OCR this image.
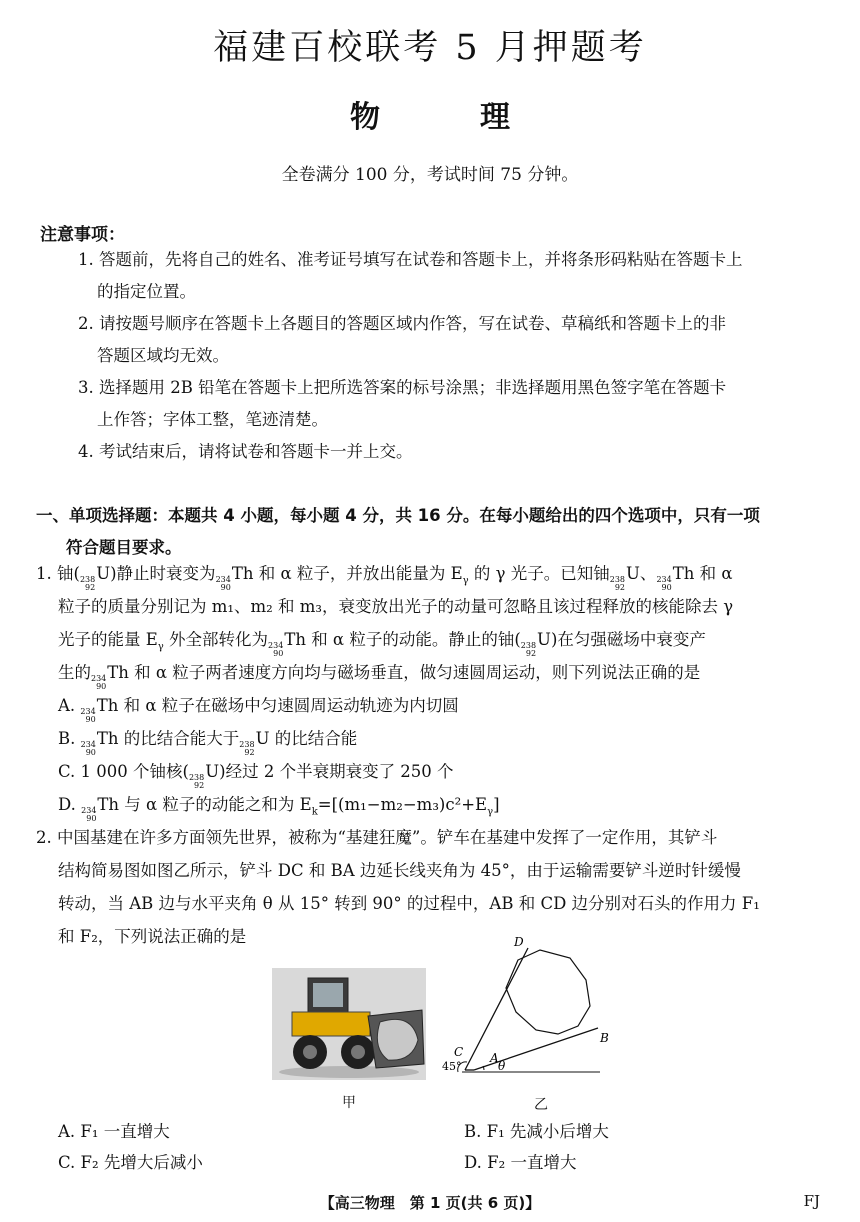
福建百校联考 5 月押题考
物	理
全卷满分 100 分，考试时间 75 分钟。
注意事项：
1. 答题前，先将自己的姓名、准考证号填写在试卷和答题卡上，并将条形码粘贴在答题卡上
的指定位置。
2. 请按题号顺序在答题卡上各题目的答题区域内作答，写在试卷、草稿纸和答题卡上的非
答题区域均无效。
3. 选择题用 2B 铅笔在答题卡上把所选答案的标号涂黑；非选择题用黑色签字笔在答题卡
上作答；字体工整，笔迹清楚。
4. 考试结束后，请将试卷和答题卡一并上交。
一、单项选择题：本题共 4 小题，每小题 4 分，共 16 分。在每小题给出的四个选项中，只有一项
符合题目要求。
1. 铀( 238
92
U)静止时衰变为 234
90
Th 和 α 粒子，并放出能量为 $E_\gamma$ 的 γ 光子。已知铀 238
92
U、 234
90
Th 和 α
粒子的质量分别记为 m₁、m₂ 和 m₃，衰变放出光子的动量可忽略且该过程释放的核能除去 γ
光子的能量 $E_\gamma$ 外全部转化为 234
90
Th 和 α 粒子的动能。静止的铀( 238
92
U)在匀强磁场中衰变产
生的 234
90
Th 和 α 粒子两者速度方向均与磁场垂直，做匀速圆周运动，则下列说法正确的是
A. 234
90
Th 和 α 粒子在磁场中匀速圆周运动轨迹为内切圆
B. 234
90
Th 的比结合能大于 238
92
U 的比结合能
C. 1 000 个铀核( 238
92
U)经过 2 个半衰期衰变了 250 个
D. 234
90
Th 与 α 粒子的动能之和为 $E_k=[(m_1-m_2-m_3)c^2+E_\gamma]$
2. 中国基建在许多方面领先世界，被称为“基建狂魔”。铲车在基建中发挥了一定作用，其铲斗
结构简易图如图乙所示，铲斗 DC 和 BA 边延长线夹角为 45°，由于运输需要铲斗逆时针缓慢
转动，当 AB 边与水平夹角 θ 从 15° 转到 90° 的过程中，AB 和 CD 边分别对石头的作用力 F₁
和 F₂，下列说法正确的是
甲
D
C A
B
45°	θ
乙
A. F₁ 一直增大	B. F₁ 先减小后增大
C. F₂ 先增大后减小	D. F₂ 一直增大
【高三物理　第 1 页(共 6 页)】	FJ
